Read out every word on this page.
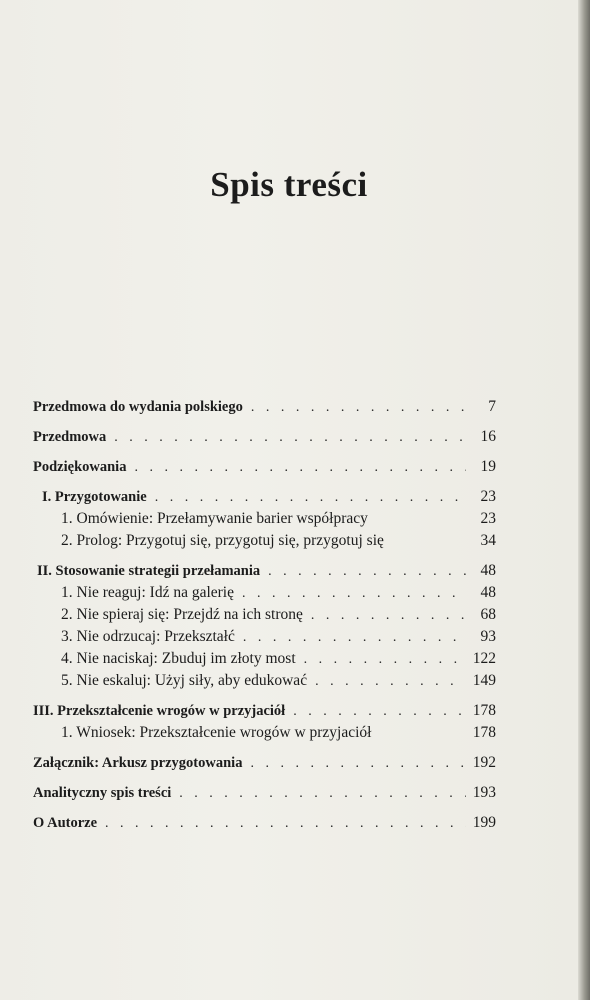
Spis treści
Przedmowa do wydania polskiego . . .	7
Przedmowa . . .	16
Podziękowania . . .	19
I. Przygotowanie . . .	23
1. Omówienie: Przełamywanie barier współpracy	23
2. Prolog: Przygotuj się, przygotuj się, przygotuj się	34
II. Stosowanie strategii przełamania . . .	48
1. Nie reaguj: Idź na galerię . . .	48
2. Nie spieraj się: Przejdź na ich stronę . . .	68
3. Nie odrzucaj: Przekształć . . .	93
4. Nie naciskaj: Zbuduj im złoty most . . .	122
5. Nie eskaluj: Użyj siły, aby edukować . . .	149
III. Przekształcenie wrogów w przyjaciół . . .	178
1. Wniosek: Przekształcenie wrogów w przyjaciół	178
Załącznik: Arkusz przygotowania . . .	192
Analityczny spis treści . . .	193
O Autorze . . .	199
